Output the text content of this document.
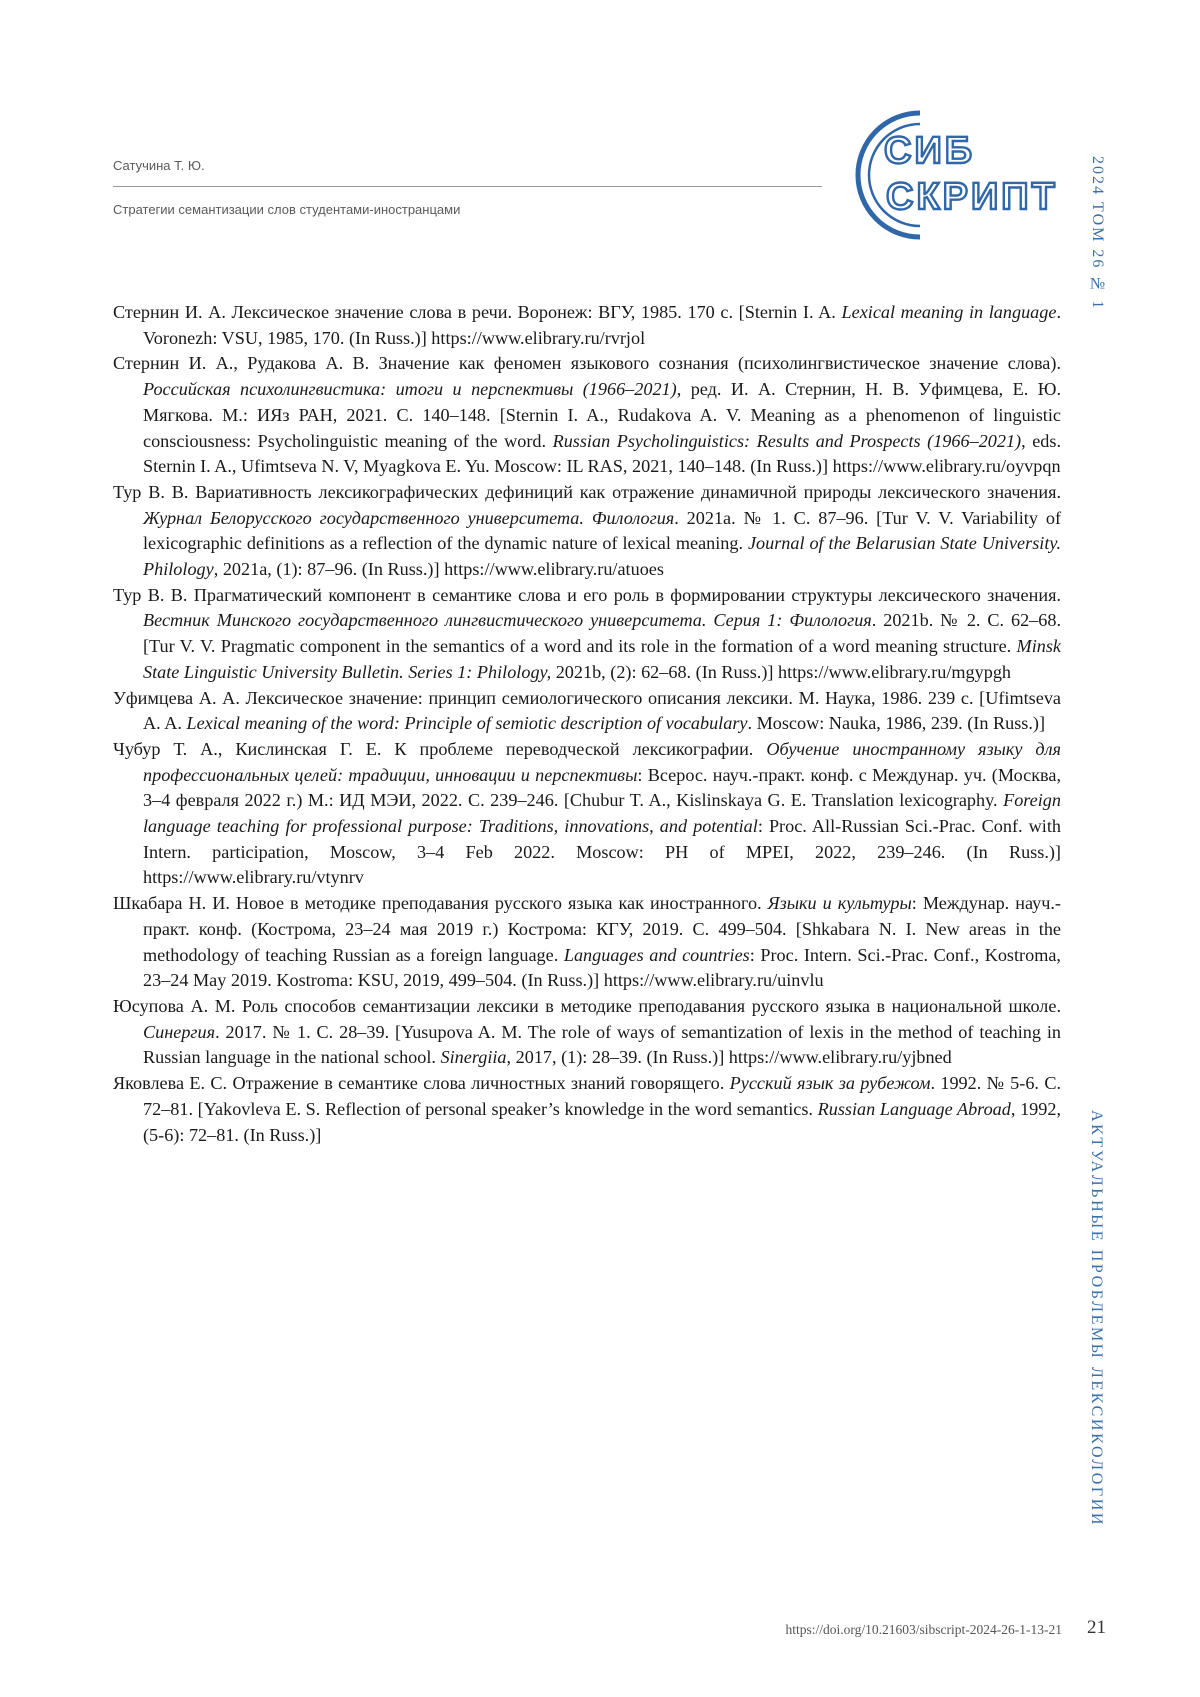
Сатучина Т. Ю.
Стратегии семантизации слов студентами-иностранцами
СИБ
СКРИПТ 2024 ТОМ 26 № 1
АКТУАЛЬНЫЕ ПРОБЛЕМЫ ЛЕКСИКОЛОГИИ

Стернин И. А. Лексическое значение слова в речи. Воронеж: ВГУ, 1985. 170 с. [Sternin I. A. Lexical meaning in language. Voronezh: VSU, 1985, 170. (In Russ.)] https://www.elibrary.ru/rvrjol

Стернин И. А., Рудакова А. В. Значение как феномен языкового сознания (психолингвистическое значение слова). Российская психолингвистика: итоги и перспективы (1966–2021), ред. И. А. Стернин, Н. В. Уфимцева, Е. Ю. Мягкова. М.: ИЯз РАН, 2021. С. 140–148. [Sternin I. A., Rudakova A. V. Meaning as a phenomenon of linguistic consciousness: Psycholinguistic meaning of the word. Russian Psycholinguistics: Results and Prospects (1966–2021), eds. Sternin I. A., Ufimtseva N. V, Myagkova E. Yu. Moscow: IL RAS, 2021, 140–148. (In Russ.)] https://www.elibrary.ru/oyvpqn

Тур В. В. Вариативность лексикографических дефиниций как отражение динамичной природы лексического значения. Журнал Белорусского государственного университета. Филология. 2021a. № 1. С. 87–96. [Tur V. V. Variability of lexicographic definitions as a reflection of the dynamic nature of lexical meaning. Journal of the Belarusian State University. Philology, 2021a, (1): 87–96. (In Russ.)] https://www.elibrary.ru/atuoes

Тур В. В. Прагматический компонент в семантике слова и его роль в формировании структуры лексического значения. Вестник Минского государственного лингвистического университета. Серия 1: Филология. 2021b. № 2. С. 62–68. [Tur V. V. Pragmatic component in the semantics of a word and its role in the formation of a word meaning structure. Minsk State Linguistic University Bulletin. Series 1: Philology, 2021b, (2): 62–68. (In Russ.)] https://www.elibrary.ru/mgypgh

Уфимцева А. А. Лексическое значение: принцип семиологического описания лексики. М. Наука, 1986. 239 с. [Ufimtseva A. A. Lexical meaning of the word: Principle of semiotic description of vocabulary. Moscow: Nauka, 1986, 239. (In Russ.)]

Чубур Т. А., Кислинская Г. Е. К проблеме переводческой лексикографии. Обучение иностранному языку для профессиональных целей: традиции, инновации и перспективы: Всерос. науч.-практ. конф. с Междунар. уч. (Москва, 3–4 февраля 2022 г.) М.: ИД МЭИ, 2022. С. 239–246. [Chubur T. A., Kislinskaya G. E. Translation lexicography. Foreign language teaching for professional purpose: Traditions, innovations, and potential: Proc. All-Russian Sci.-Prac. Conf. with Intern. participation, Moscow, 3–4 Feb 2022. Moscow: PH of MPEI, 2022, 239–246. (In Russ.)] https://www.elibrary.ru/vtynrv

Шкабара Н. И. Новое в методике преподавания русского языка как иностранного. Языки и культуры: Междунар. науч.-практ. конф. (Кострома, 23–24 мая 2019 г.) Кострома: КГУ, 2019. С. 499–504. [Shkabara N. I. New areas in the methodology of teaching Russian as a foreign language. Languages and countries: Proc. Intern. Sci.-Prac. Conf., Kostroma, 23–24 May 2019. Kostroma: KSU, 2019, 499–504. (In Russ.)] https://www.elibrary.ru/uinvlu

Юсупова А. М. Роль способов семантизации лексики в методике преподавания русского языка в национальной школе. Синергия. 2017. № 1. С. 28–39. [Yusupova A. M. The role of ways of semantization of lexis in the method of teaching in Russian language in the national school. Sinergiia, 2017, (1): 28–39. (In Russ.)] https://www.elibrary.ru/yjbned

Яковлева Е. С. Отражение в семантике слова личностных знаний говорящего. Русский язык за рубежом. 1992. № 5-6. С. 72–81. [Yakovleva E. S. Reflection of personal speaker’s knowledge in the word semantics. Russian Language Abroad, 1992, (5-6): 72–81. (In Russ.)]

https://doi.org/10.21603/sibscript-2024-26-1-13-21 21
